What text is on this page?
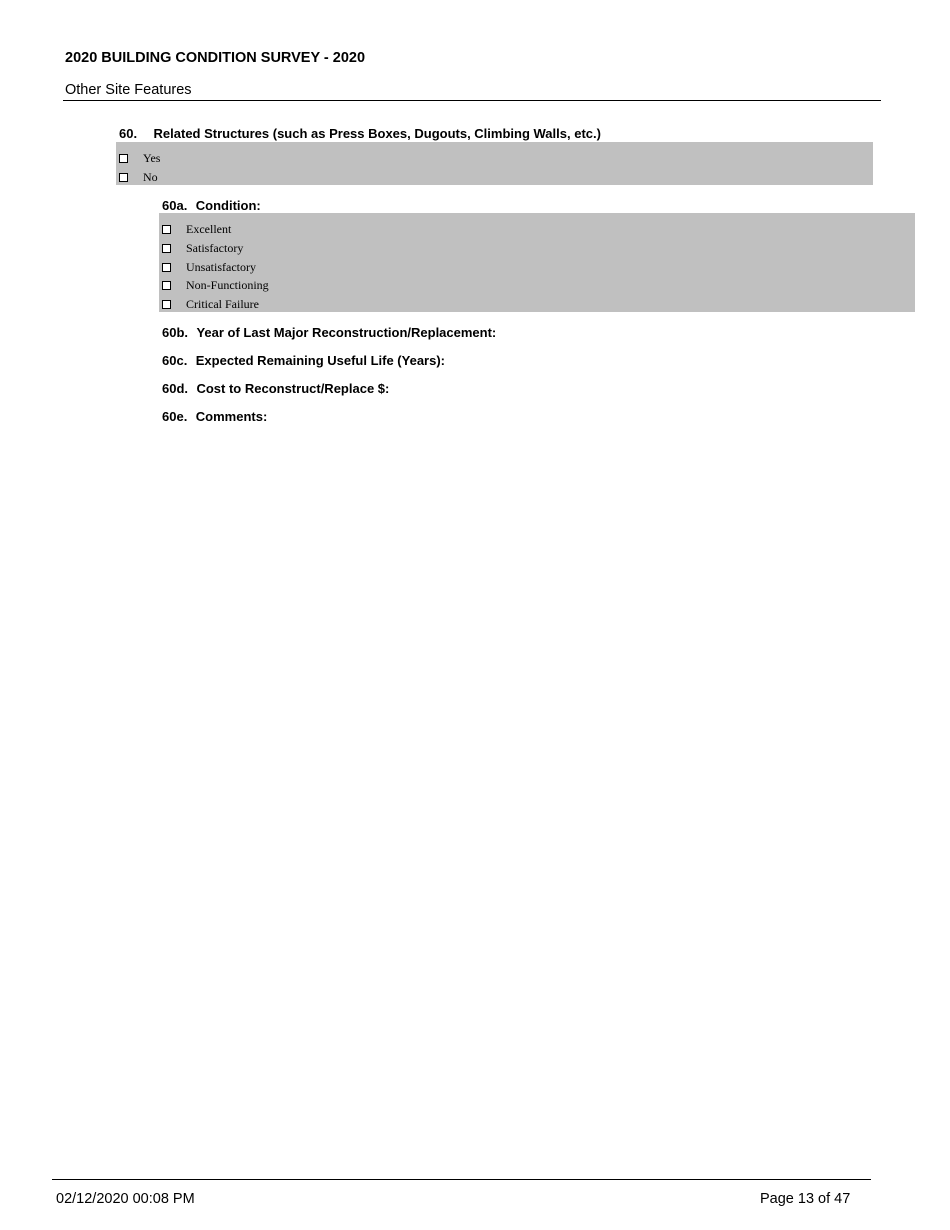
2020 BUILDING CONDITION SURVEY - 2020
Other Site Features
60. Related Structures (such as Press Boxes, Dugouts, Climbing Walls, etc.)
Yes
No
60a. Condition:
Excellent
Satisfactory
Unsatisfactory
Non-Functioning
Critical Failure
60b. Year of Last Major Reconstruction/Replacement:
60c. Expected Remaining Useful Life (Years):
60d. Cost to Reconstruct/Replace $:
60e. Comments:
02/12/2020 00:08 PM	Page 13 of 47
